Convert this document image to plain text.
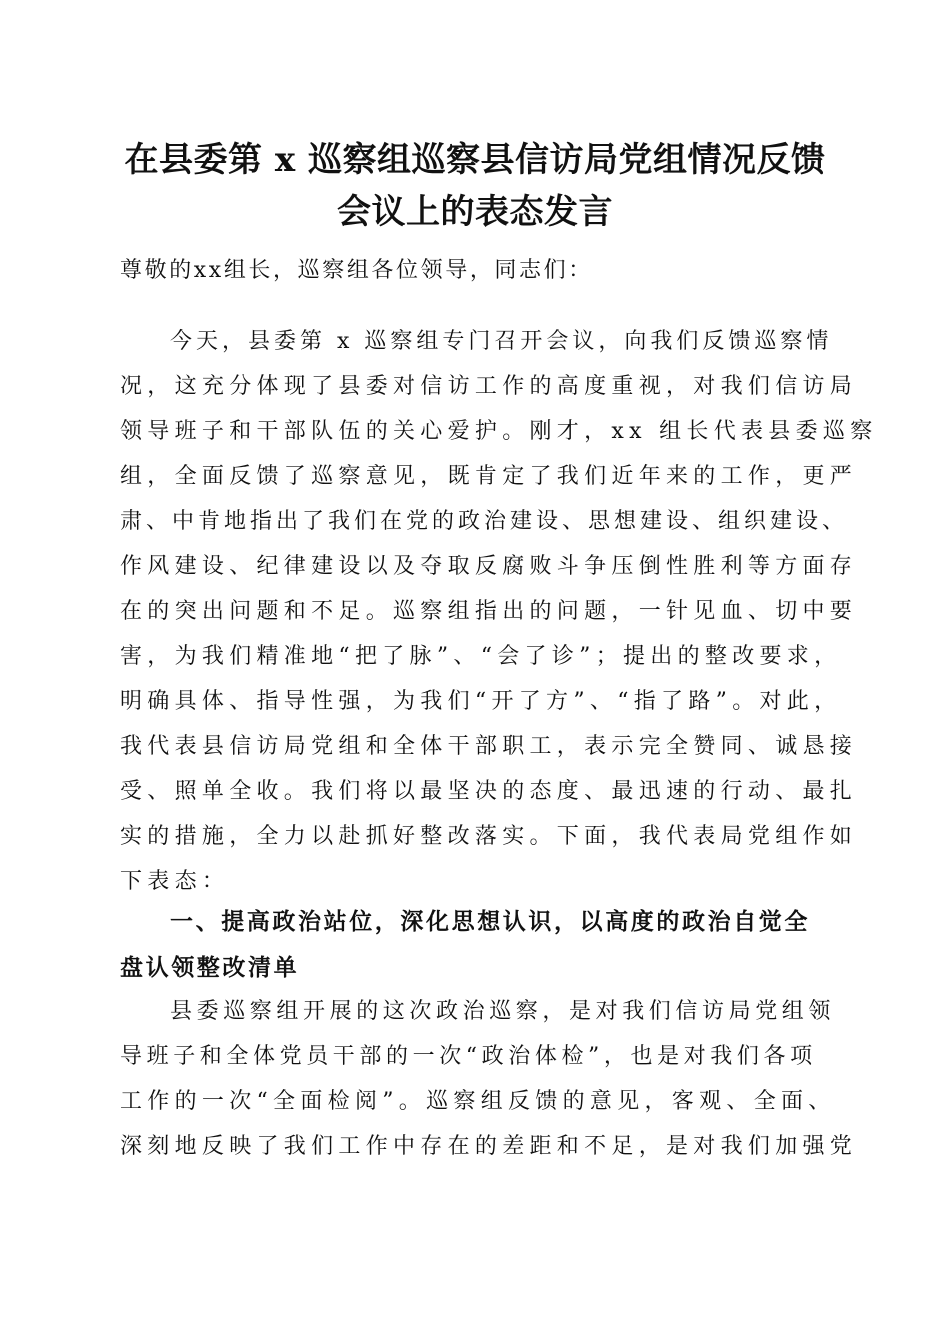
在县委第 x 巡察组巡察县信访局党组情况反馈
会议上的表态发言

尊敬的xx组长，巡察组各位领导，同志们：

今天，县委第 x 巡察组专门召开会议，向我们反馈巡察情

况，这充分体现了县委对信访工作的高度重视，对我们信访局

领导班子和干部队伍的关心爱护。刚才，xx 组长代表县委巡察

组，全面反馈了巡察意见，既肯定了我们近年来的工作，更严

肃、中肯地指出了我们在党的政治建设、思想建设、组织建设、

作风建设、纪律建设以及夺取反腐败斗争压倒性胜利等方面存

在的突出问题和不足。巡察组指出的问题，一针见血、切中要

害，为我们精准地“把了脉”、“会了诊”；提出的整改要求，

明确具体、指导性强，为我们“开了方”、“指了路”。对此，

我代表县信访局党组和全体干部职工，表示完全赞同、诚恳接

受、照单全收。我们将以最坚决的态度、最迅速的行动、最扎

实的措施，全力以赴抓好整改落实。下面，我代表局党组作如

下表态：

一、提高政治站位，深化思想认识，以高度的政治自觉全

盘认领整改清单

县委巡察组开展的这次政治巡察，是对我们信访局党组领

导班子和全体党员干部的一次“政治体检”，也是对我们各项

工作的一次“全面检阅”。巡察组反馈的意见，客观、全面、

深刻地反映了我们工作中存在的差距和不足，是对我们加强党
